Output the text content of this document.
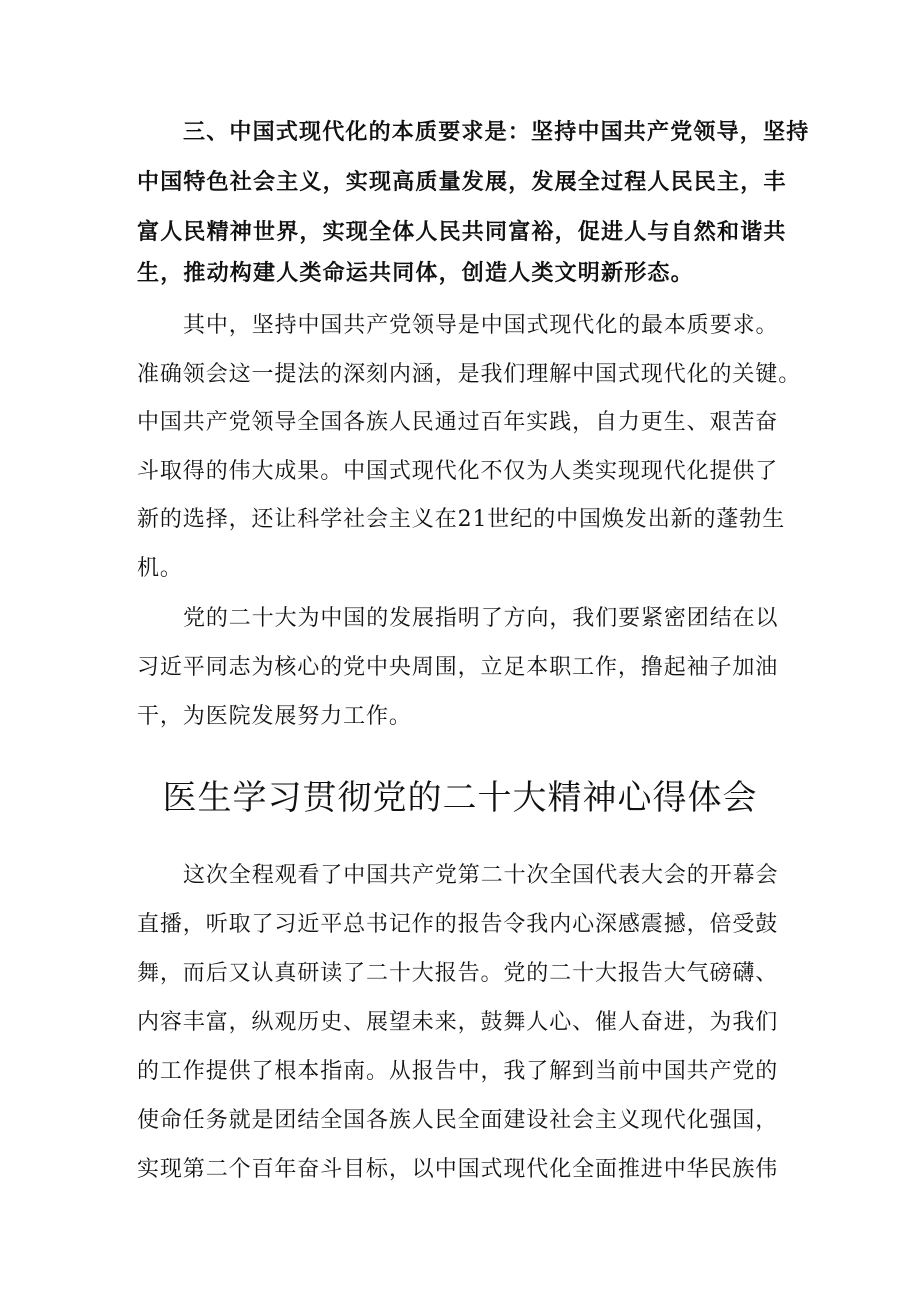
三、中国式现代化的本质要求是：坚持中国共产党领导，坚持
中国特色社会主义，实现高质量发展，发展全过程人民民主，丰
富人民精神世界，实现全体人民共同富裕，促进人与自然和谐共
生，推动构建人类命运共同体，创造人类文明新形态。
其中，坚持中国共产党领导是中国式现代化的最本质要求。
准确领会这一提法的深刻内涵，是我们理解中国式现代化的关键。
中国共产党领导全国各族人民通过百年实践，自力更生、艰苦奋
斗取得的伟大成果。中国式现代化不仅为人类实现现代化提供了
新的选择，还让科学社会主义在21世纪的中国焕发出新的蓬勃生
机。
党的二十大为中国的发展指明了方向，我们要紧密团结在以
习近平同志为核心的党中央周围，立足本职工作，撸起袖子加油
干，为医院发展努力工作。
医生学习贯彻党的二十大精神心得体会
这次全程观看了中国共产党第二十次全国代表大会的开幕会
直播，听取了习近平总书记作的报告令我内心深感震撼，倍受鼓
舞，而后又认真研读了二十大报告。党的二十大报告大气磅礴、
内容丰富，纵观历史、展望未来，鼓舞人心、催人奋进，为我们
的工作提供了根本指南。从报告中，我了解到当前中国共产党的
使命任务就是团结全国各族人民全面建设社会主义现代化强国，
实现第二个百年奋斗目标，以中国式现代化全面推进中华民族伟
